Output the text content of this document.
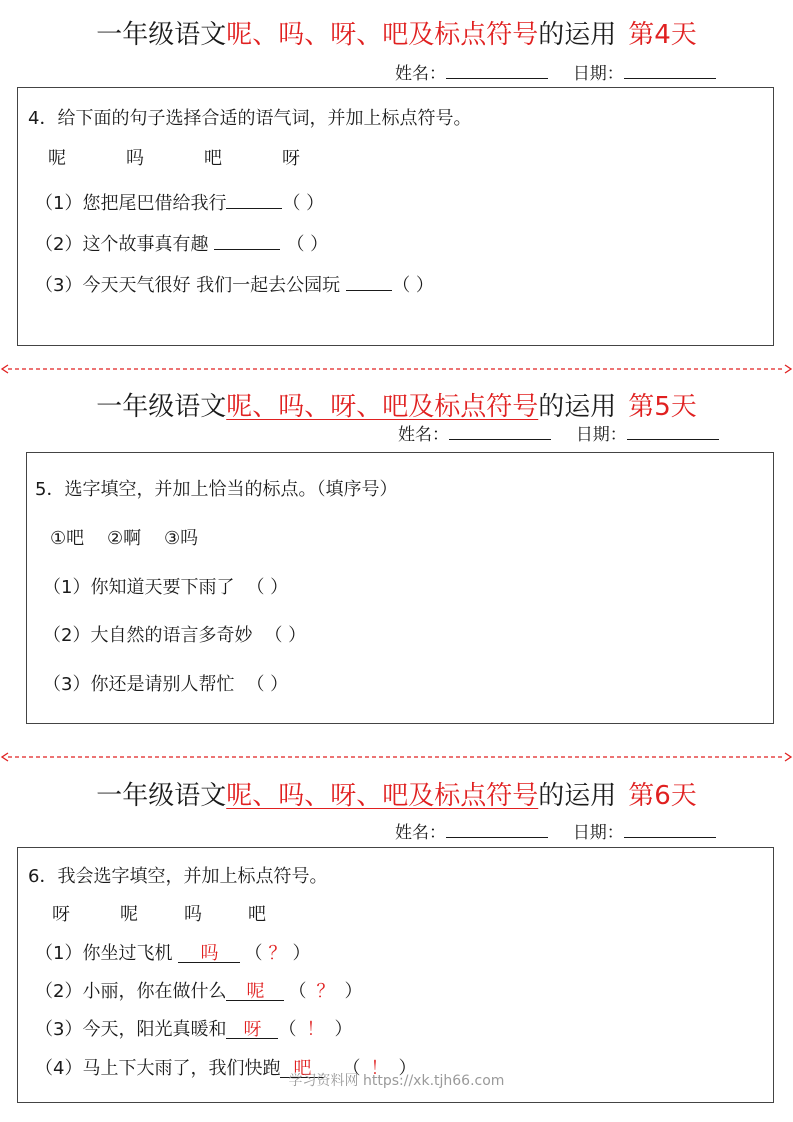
一年级语文呢、吗、呀、吧及标点符号的运用 第4天
姓名：	日期：
4．给下面的句子选择合适的语气词，并加上标点符号。
呢	吗	吧	呀
（1）您把尾巴借给我行	（ ）
（2）这个故事真有趣	（ ）
（3）今天天气很好 我们一起去公园玩	（ ）
一年级语文呢、吗、呀、吧及标点符号的运用 第5天
姓名：	日期：
5．选字填空，并加上恰当的标点。（填序号）
①吧 ②啊 ③吗
（1）你知道天要下雨了 （ ）
（2）大自然的语言多奇妙 （ ）
（3）你还是请别人帮忙 （ ）
一年级语文呢、吗、呀、吧及标点符号的运用 第6天
姓名：	日期：
6．我会选字填空，并加上标点符号。
呀	呢	吗	吧
（1）你坐过飞机 吗 （ ？ ）
（2）小丽，你在做什么 呢 （ ？ ）
（3）今天，阳光真暖和 呀 （ ！ ）
（4）马上下大雨了，我们快跑 吧 （ ！ ）
学习资料网 https://xk.tjh66.com
